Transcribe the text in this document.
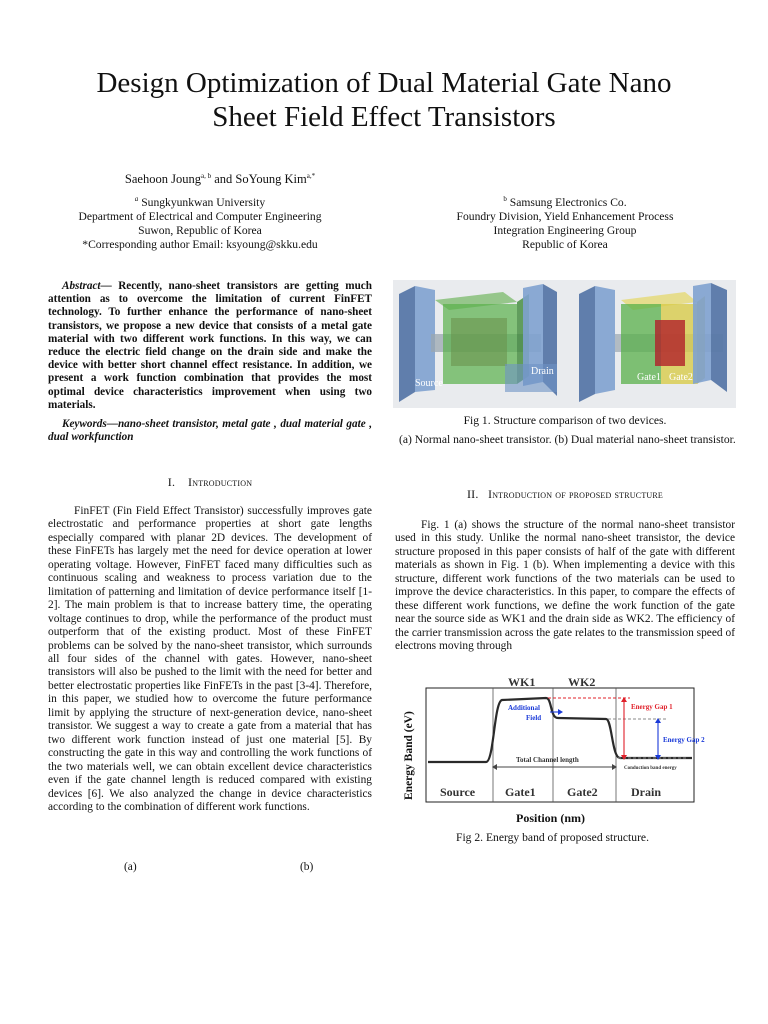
Design Optimization of Dual Material Gate Nano
Sheet Field Effect Transistors
Saehoon Joung$^{a, b}$ and SoYoung Kim$^{a,*}$
$^a$ Sungkyunkwan University
Department of Electrical and Computer Engineering
Suwon, Republic of Korea
*Corresponding author Email: ksyoung@skku.edu
$^b$ Samsung Electronics Co.
Foundry Division, Yield Enhancement Process
Integration Engineering Group
Republic of Korea
Abstract— Recently, nano-sheet transistors are getting much attention as to overcome the limitation of current FinFET technology. To further enhance the performance of nano-sheet transistors, we propose a new device that consists of a metal gate material with two different work functions. In this way, we can reduce the electric field change on the drain side and make the device with better short channel effect resistance. In addition, we present a work function combination that provides the most optimal device characteristics improvement when using two materials.
Keywords—nano-sheet transistor, metal gate , dual material gate , dual workfunction
I. Introduction

FinFET (Fin Field Effect Transistor) successfully improves gate electrostatic and performance properties at short gate lengths especially compared with planar 2D devices. The development of these FinFETs has largely met the need for device operation at lower operating voltage. However, FinFET faced many difficulties such as continuous scaling and weakness to process variation due to the limitation of patterning and limitation of device performance itself [1-2]. The main problem is that to increase battery time, the operating voltage continues to drop, while the performance of the product must outperform that of the existing product. Most of these FinFET problems can be solved by the nano-sheet transistor, which surrounds all four sides of the channel with gates. However, nano-sheet transistors will also be pushed to the limit with the need for better and better electrostatic properties like FinFETs in the past [3-4]. Therefore, in this paper, we studied how to overcome the future performance limit by applying the structure of next-generation device, nano-sheet transistor. We suggest a way to create a gate from a material that has two different work function instead of just one material [5]. By constructing the gate in this way and controlling the work functions of the two materials well, we can obtain excellent device characteristics even if the gate channel length is reduced compared with existing devices [6]. We also analyzed the change in device characteristics according to the combination of different work functions.

(a)	(b)
Source
Drain
Gate1 Gate2
Fig 1. Structure comparison of two devices.
(a) Normal nano-sheet transistor. (b) Dual material nano-sheet transistor.
II. Introduction of proposed structure

Fig. 1 (a) shows the structure of the normal nano-sheet transistor used in this study. Unlike the normal nano-sheet transistor, the device structure proposed in this paper consists of half of the gate with different materials as shown in Fig. 1 (b). When implementing a device with this structure, different work functions of the two materials can be used to improve the device characteristics. In this paper, to compare the effects of these different work functions, we define the work function of the gate near the source side as WK1 and the drain side as WK2. The efficiency of the carrier transmission across the gate relates to the transmission speed of electrons moving through

WK1	WK2
Additional
Field
Energy Gap 1
Energy Gap 2
Total Channel length
Conduction band energy
Source Gate1	Gate2	Drain
Energy Band (eV)
Position (nm)
Fig 2. Energy band of proposed structure.
